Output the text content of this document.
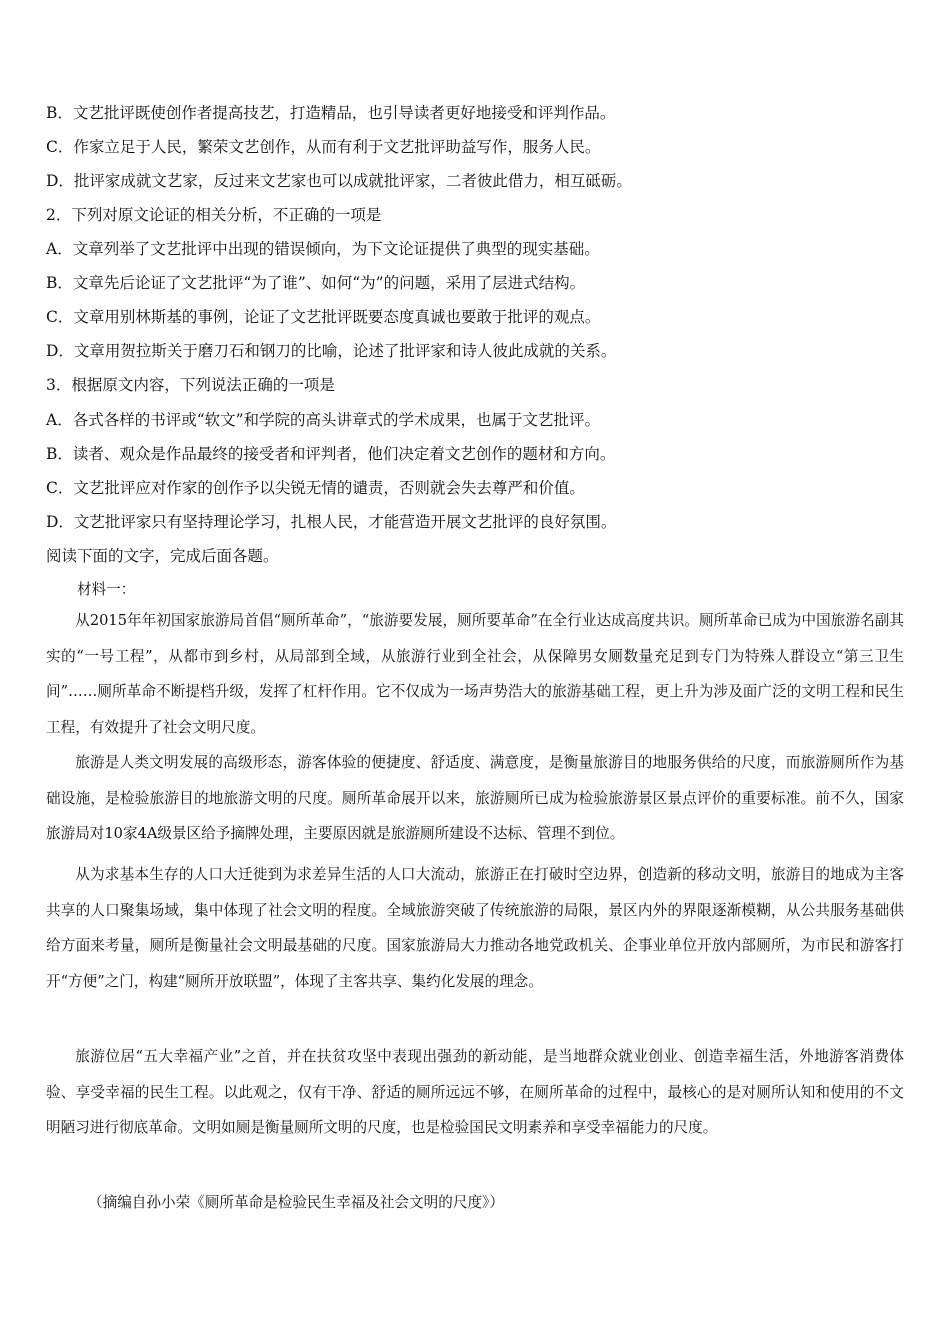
B．文艺批评既使创作者提高技艺，打造精品，也引导读者更好地接受和评判作品。
C．作家立足于人民，繁荣文艺创作，从而有利于文艺批评助益写作，服务人民。
D．批评家成就文艺家，反过来文艺家也可以成就批评家，二者彼此借力，相互砥砺。
2．下列对原文论证的相关分析，不正确的一项是
A．文章列举了文艺批评中出现的错误倾向，为下文论证提供了典型的现实基础。
B．文章先后论证了文艺批评“为了谁”、如何“为”的问题，采用了层进式结构。
C．文章用别林斯基的事例，论证了文艺批评既要态度真诚也要敢于批评的观点。
D．文章用贺拉斯关于磨刀石和钢刀的比喻，论述了批评家和诗人彼此成就的关系。
3．根据原文内容，下列说法正确的一项是
A．各式各样的书评或“软文”和学院的高头讲章式的学术成果，也属于文艺批评。
B．读者、观众是作品最终的接受者和评判者，他们决定着文艺创作的题材和方向。
C．文艺批评应对作家的创作予以尖锐无情的谴责，否则就会失去尊严和价值。
D．文艺批评家只有坚持理论学习，扎根人民，才能营造开展文艺批评的良好氛围。
阅读下面的文字，完成后面各题。
材料一：

从2015年年初国家旅游局首倡“厕所革命”，“旅游要发展，厕所要革命”在全行业达成高度共识。厕所革命已成为中国旅游名副其实的“一号工程”，从都市到乡村，从局部到全域，从旅游行业到全社会，从保障男女厕数量充足到专门为特殊人群设立“第三卫生间”……厕所革命不断提档升级，发挥了杠杆作用。它不仅成为一场声势浩大的旅游基础工程，更上升为涉及面广泛的文明工程和民生工程，有效提升了社会文明尺度。

旅游是人类文明发展的高级形态，游客体验的便捷度、舒适度、满意度，是衡量旅游目的地服务供给的尺度，而旅游厕所作为基础设施，是检验旅游目的地旅游文明的尺度。厕所革命展开以来，旅游厕所已成为检验旅游景区景点评价的重要标准。前不久，国家旅游局对10家4A级景区给予摘牌处理，主要原因就是旅游厕所建设不达标、管理不到位。

从为求基本生存的人口大迁徙到为求差异生活的人口大流动，旅游正在打破时空边界，创造新的移动文明，旅游目的地成为主客共享的人口聚集场域，集中体现了社会文明的程度。全域旅游突破了传统旅游的局限，景区内外的界限逐渐模糊，从公共服务基础供给方面来考量，厕所是衡量社会文明最基础的尺度。国家旅游局大力推动各地党政机关、企事业单位开放内部厕所，为市民和游客打开“方便”之门，构建“厕所开放联盟”，体现了主客共享、集约化发展的理念。

旅游位居“五大幸福产业”之首，并在扶贫攻坚中表现出强劲的新动能，是当地群众就业创业、创造幸福生活，外地游客消费体验、享受幸福的民生工程。以此观之，仅有干净、舒适的厕所远远不够，在厕所革命的过程中，最核心的是对厕所认知和使用的不文明陋习进行彻底革命。文明如厕是衡量厕所文明的尺度，也是检验国民文明素养和享受幸福能力的尺度。

（摘编自孙小荣《厕所革命是检验民生幸福及社会文明的尺度》）
